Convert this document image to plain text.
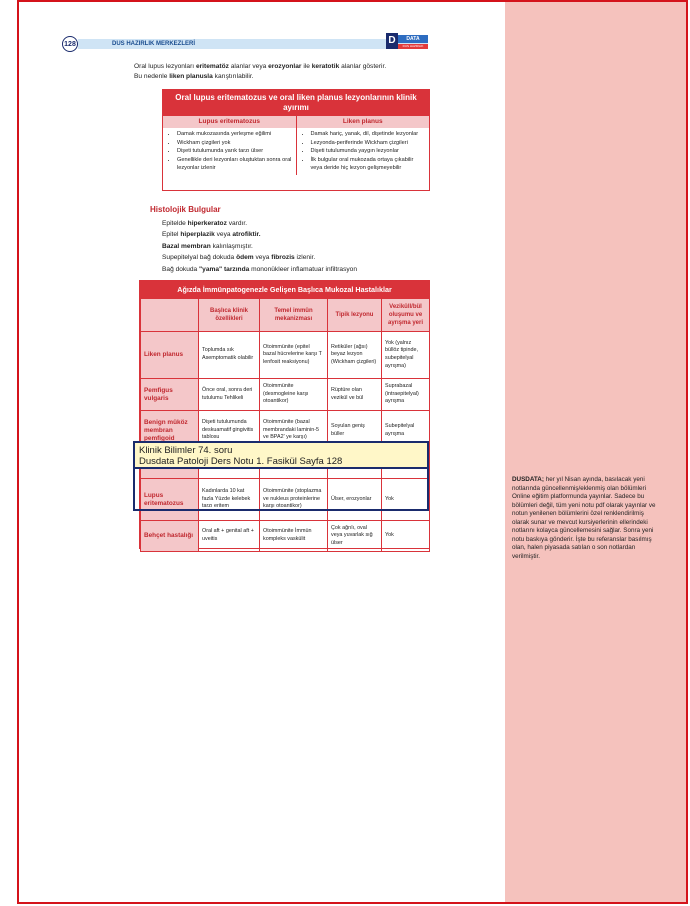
128	DUS HAZIRLIK MERKEZLERİ	D	DATA
DUS HAZIRLIK MERKEZLERİ
Oral lupus lezyonları eritematöz alanlar veya erozyonlar ile keratotik alanlar gösterir.
Bu nedenle liken planusla karıştırılabilir.
Oral lupus eritematozus ve oral liken planus lezyonlarının klinik ayırımı
Lupus eritematozus	Liken planus
• Damak mukozasında yerleşme eğilimi
• Wickham çizgileri yok
• Dişeti tutulumunda yarık tarzı ülser
• Genellikle deri lezyonları oluştuktan sonra oral lezyonlar izlenir
• Damak hariç, yanak, dil, dişetinde lezyonlar
• Lezyonda-periferinde Wickham çizgileri
• Dişeti tutulumunda yaygın lezyonlar
• İlk bulgular oral mukozada ortaya çıkabilir veya deride hiç lezyon gelişmeyebilir
Histolojik Bulgular
Epitelde hiperkeratoz vardır.
Epitel hiperplazik veya atrofiktir.
Bazal membran kalınlaşmıştır.
Supepitelyal bağ dokuda ödem veya fibrozis izlenir.
Bağ dokuda "yama" tarzında mononükleer inflamatuar infiltrasyon
Ağızda İmmünpatogenezle Gelişen Başlıca Mukozal Hastalıklar
	Başlıca klinik özellikleri	Temel immün mekanizması	Tipik lezyonu	Veziküll/bül oluşumu ve ayrışma yeri
Liken planus	Toplumda sık Asemptomatik olabilir	Otoimmünite (epitel bazal hücrelerine karşı T lenfosit reaksiyonu)	Retiküler (ağsı) beyaz lezyon (Wickham çizgileri)	Yok (yalnız büllöz tipinde, subepitelyal ayrışma)
Pemfigus vulgaris	Önce oral, sonra deri tutulumu Tehlikeli	Otoimmünite (desmogleine karşı otoantikor)	Rüptüre olan vezikül ve bül	Suprabazal (intraepitelyal) ayrışma
Benign müköz membran pemfigoid	Dişeti tutulumunda deskuamatif gingivitis tablosu	Otoimmünite (bazal membrandaki laminin-5 ve BPA2' ye karşı)	Soyulan geniş büller	Subepitelyal ayrışma

Lupus eritematozus	Kadınlarda 10 kat fazla Yüzde kelebek tarzı eritem	Otoimmünite (stoplazma ve nukleus proteinlerine karşı otoantikor)	Ülser, erozyonlar	Yok
Behçet hastalığı	Oral aft + genital aft + uveitis	Otoimmünite İmmün kompleks vaskülit	Çok ağrılı, oval veya yuvarlak sığ ülser	Yok
Klinik Bilimler 74. soru
Dusdata Patoloji Ders Notu 1. Fasikül Sayfa 128
DUSDATA; her yıl Nisan ayında, basılacak yeni notlarında güncellenmiş/eklenmiş olan bölümleri Online eğitim platformunda yayınlar. Sadece bu bölümleri değil, tüm yeni notu pdf olarak yayınlar ve notun yenilenen bölümlerini özel renklendirilmiş olarak sunar ve mevcut kursiyerlerinin ellerindeki notlarını kolayca güncellemesini sağlar. Sonra yeni notu baskıya gönderir. İşte bu referanslar basılmış olan, halen piyasada satılan o son notlardan verilmiştir.
